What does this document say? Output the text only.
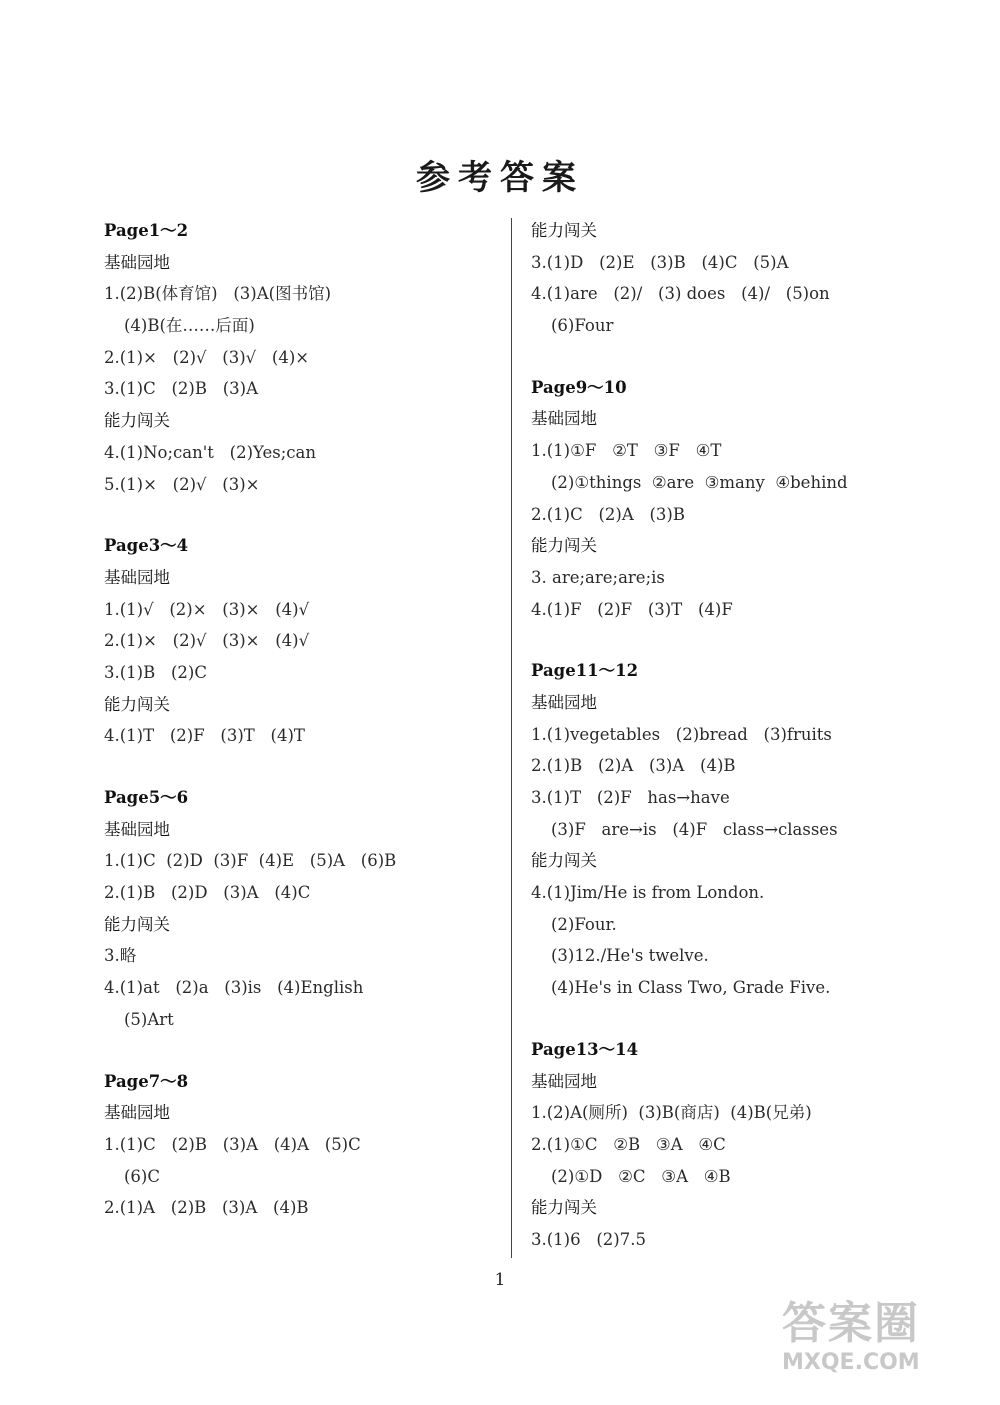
参考答案
Page1～2
基础园地
1.(2)B(体育馆)   (3)A(图书馆)
(4)B(在……后面)
2.(1)×   (2)√   (3)√   (4)×
3.(1)C   (2)B   (3)A
能力闯关
4.(1)No;can't   (2)Yes;can
5.(1)×   (2)√   (3)×
Page3～4
基础园地
1.(1)√   (2)×   (3)×   (4)√
2.(1)×   (2)√   (3)×   (4)√
3.(1)B   (2)C
能力闯关
4.(1)T   (2)F   (3)T   (4)T
Page5～6
基础园地
1.(1)C  (2)D  (3)F  (4)E   (5)A   (6)B
2.(1)B   (2)D   (3)A   (4)C
能力闯关
3.略
4.(1)at   (2)a   (3)is   (4)English
(5)Art
Page7～8
基础园地
1.(1)C   (2)B   (3)A   (4)A   (5)C
(6)C
2.(1)A   (2)B   (3)A   (4)B
能力闯关
3.(1)D   (2)E   (3)B   (4)C   (5)A
4.(1)are   (2)/   (3) does   (4)/   (5)on
(6)Four
Page9～10
基础园地
1.(1)①F   ②T   ③F   ④T
(2)①things  ②are  ③many  ④behind
2.(1)C   (2)A   (3)B
能力闯关
3. are;are;are;is
4.(1)F   (2)F   (3)T   (4)F
Page11～12
基础园地
1.(1)vegetables   (2)bread   (3)fruits
2.(1)B   (2)A   (3)A   (4)B
3.(1)T   (2)F   has→have
(3)F   are→is   (4)F   class→classes
能力闯关
4.(1)Jim/He is from London.
(2)Four.
(3)12./He's twelve.
(4)He's in Class Two, Grade Five.
Page13～14
基础园地
1.(2)A(厕所)  (3)B(商店)  (4)B(兄弟)
2.(1)①C   ②B   ③A   ④C
(2)①D   ②C   ③A   ④B
能力闯关
3.(1)6   (2)7.5
1
答案圈
MXQE.COM
